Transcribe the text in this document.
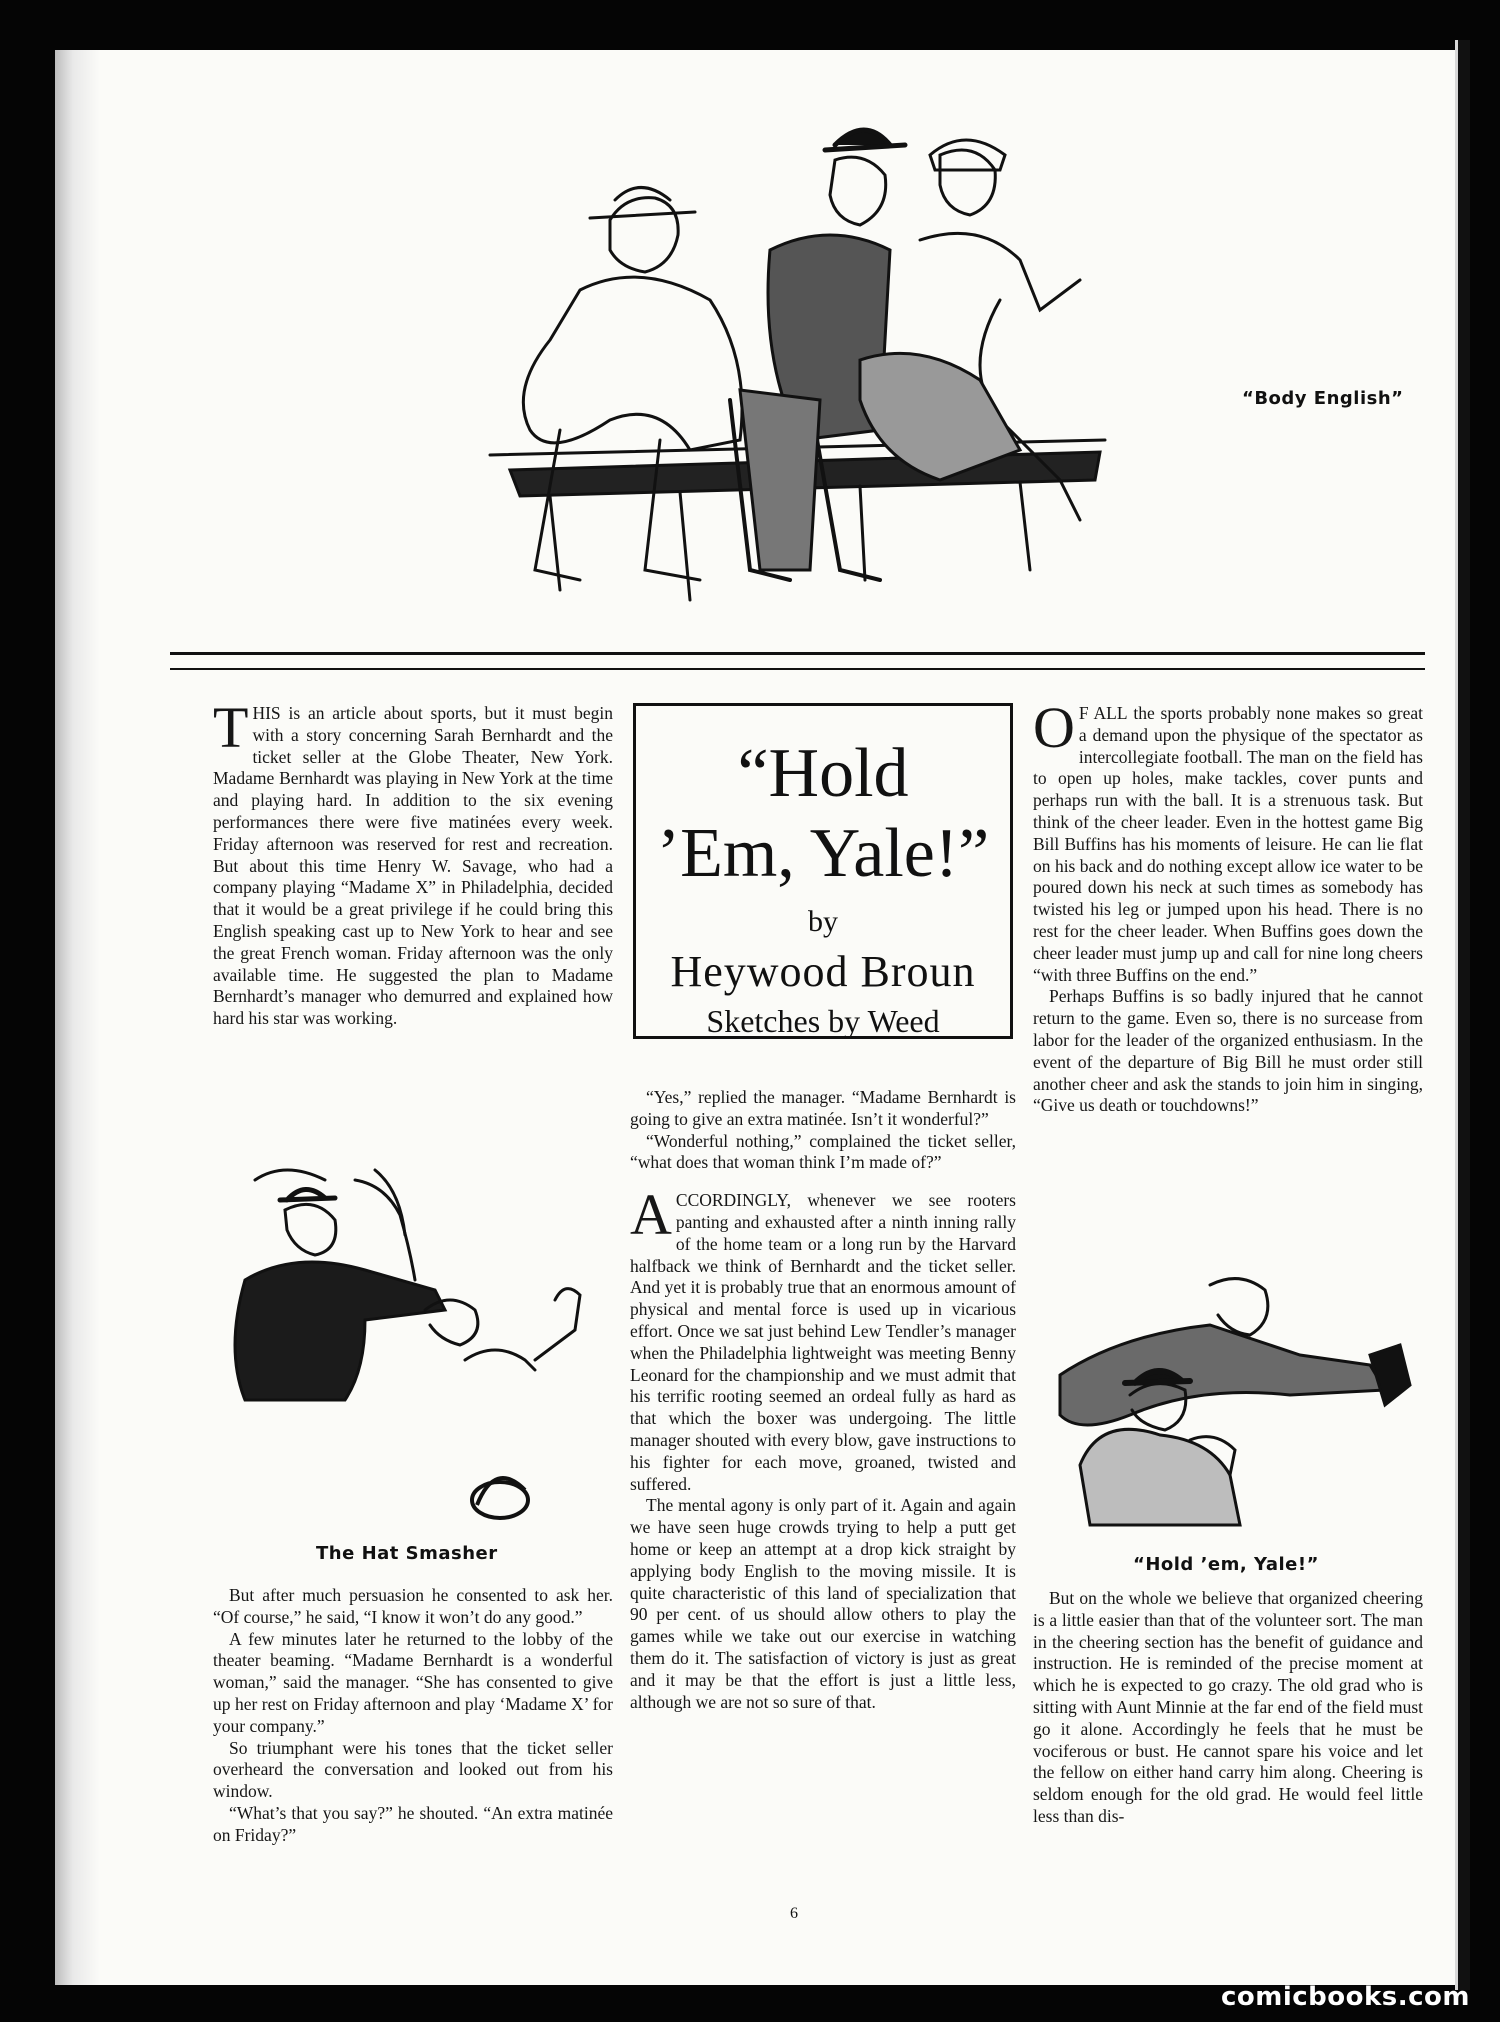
“Body English”

THIS is an article about sports, but it must begin with a story concerning Sarah Bernhardt and the ticket seller at the Globe Theater, New York. Madame Bernhardt was playing in New York at the time and playing hard. In addition to the six evening performances there were five matinées every week. Friday afternoon was reserved for rest and recreation. But about this time Henry W. Savage, who had a company playing “Madame X” in Philadelphia, decided that it would be a great privilege if he could bring this English speaking cast up to New York to hear and see the great French woman. Friday afternoon was the only available time. He suggested the plan to Madame Bernhardt’s manager who demurred and explained how hard his star was working.

The Hat Smasher

But after much persuasion he consented to ask her. “Of course,” he said, “I know it won’t do any good.”

A few minutes later he returned to the lobby of the theater beaming. “Madame Bernhardt is a wonderful woman,” said the manager. “She has consented to give up her rest on Friday afternoon and play ‘Madame X’ for your company.”

So triumphant were his tones that the ticket seller overheard the conversation and looked out from his window.

“What’s that you say?” he shouted. “An extra matinée on Friday?”

“Hold
’Em, Yale!”
by
Heywood Broun
Sketches by Weed

“Yes,” replied the manager. “Madame Bernhardt is going to give an extra matinée. Isn’t it wonderful?”

“Wonderful nothing,” complained the ticket seller, “what does that woman think I’m made of?”

ACCORDINGLY, whenever we see rooters panting and exhausted after a ninth inning rally of the home team or a long run by the Harvard halfback we think of Bernhardt and the ticket seller. And yet it is probably true that an enormous amount of physical and mental force is used up in vicarious effort. Once we sat just behind Lew Tendler’s manager when the Philadelphia lightweight was meeting Benny Leonard for the championship and we must admit that his terrific rooting seemed an ordeal fully as hard as that which the boxer was undergoing. The little manager shouted with every blow, gave instructions to his fighter for each move, groaned, twisted and suffered.

The mental agony is only part of it. Again and again we have seen huge crowds trying to help a putt get home or keep an attempt at a drop kick straight by applying body English to the moving missile. It is quite characteristic of this land of specialization that 90 per cent. of us should allow others to play the games while we take out our exercise in watching them do it. The satisfaction of victory is just as great and it may be that the effort is just a little less, although we are not so sure of that.

O F ALL the sports probably none makes so great a demand upon the physique of the spectator as intercollegiate football. The man on the field has to open up holes, make tackles, cover punts and perhaps run with the ball. It is a strenuous task. But think of the cheer leader. Even in the hottest game Big Bill Buffins has his moments of leisure. He can lie flat on his back and do nothing except allow ice water to be poured down his neck at such times as somebody has twisted his leg or jumped upon his head. There is no rest for the cheer leader. When Buffins goes down the cheer leader must jump up and call for nine long cheers “with three Buffins on the end.”

Perhaps Buffins is so badly injured that he cannot return to the game. Even so, there is no surcease from labor for the leader of the organized enthusiasm. In the event of the departure of Big Bill he must order still another cheer and ask the stands to join him in singing, “Give us death or touchdowns!”

“Hold ’em, Yale!”

But on the whole we believe that organized cheering is a little easier than that of the volunteer sort. The man in the cheering section has the benefit of guidance and instruction. He is reminded of the precise moment at which he is expected to go crazy. The old grad who is sitting with Aunt Minnie at the far end of the field must go it alone. Accordingly he feels that he must be vociferous or bust. He cannot spare his voice and let the fellow on either hand carry him along. Cheering is seldom enough for the old grad. He would feel little less than dis-

6
comicbooks.com
